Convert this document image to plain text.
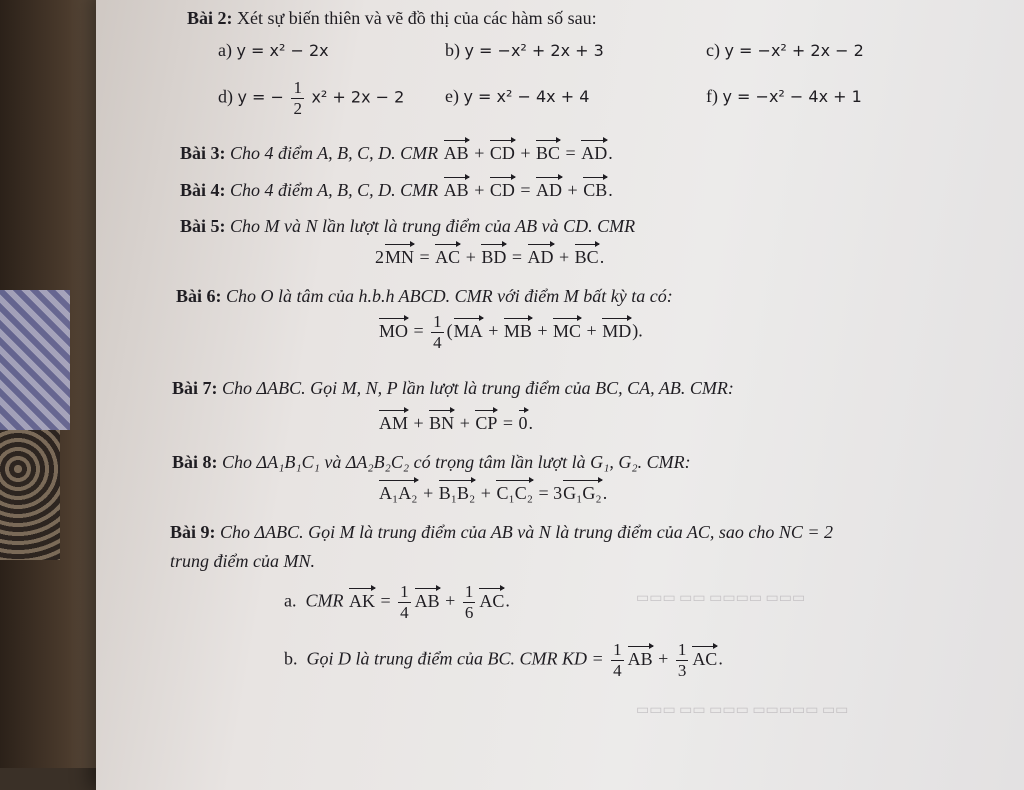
▭▭▭ ▭▭ ▭▭▭▭ ▭▭▭
▭▭▭ ▭▭ ▭▭▭ ▭▭▭▭▭ ▭▭
Bài 2: Xét sự biến thiên và vẽ đồ thị của các hàm số sau:
a) y = x² − 2x	b) y = −x² + 2x + 3	c) y = −x² + 2x − 2
d) y = − $\frac{1}{2} x^2 + 2x - 2$ e) y = x² − 4x + 4	f) y = −x² − 4x + 1
Bài 3: Cho 4 điểm A, B, C, D. CMR AB + CD + BC = AD.
Bài 4: Cho 4 điểm A, B, C, D. CMR AB + CD = AD + CB.
Bài 5: Cho M và N lần lượt là trung điểm của AB và CD. CMR
2MN = AC + BD = AD + BC.
Bài 6: Cho O là tâm của h.b.h ABCD. CMR với điểm M bất kỳ ta có:
MO = $\frac{1}{4} (MA$ + MB + MC + MD).
Bài 7: Cho ΔABC. Gọi M, N, P lần lượt là trung điểm của BC, CA, AB. CMR:
AM + BN + CP = 0.
Bài 8: Cho ΔA₁B₁C₁ và ΔA₂B₂C₂ có trọng tâm lần lượt là G₁, G₂. CMR:
A₁A₂ + B₁B₂ + C₁C₂ = 3G₁G₂.
Bài 9: Cho ΔABC. Gọi M là trung điểm của AB và N là trung điểm của AC, sao cho NC = 2
trung điểm của MN.
a. CMR AK = $\frac{1}{4}$ AB + $\frac{1}{6}$ AC.
b. Gọi D là trung điểm của BC. CMR KD = $\frac{1}{4}$ AB + $\frac{1}{3}$ AC.
